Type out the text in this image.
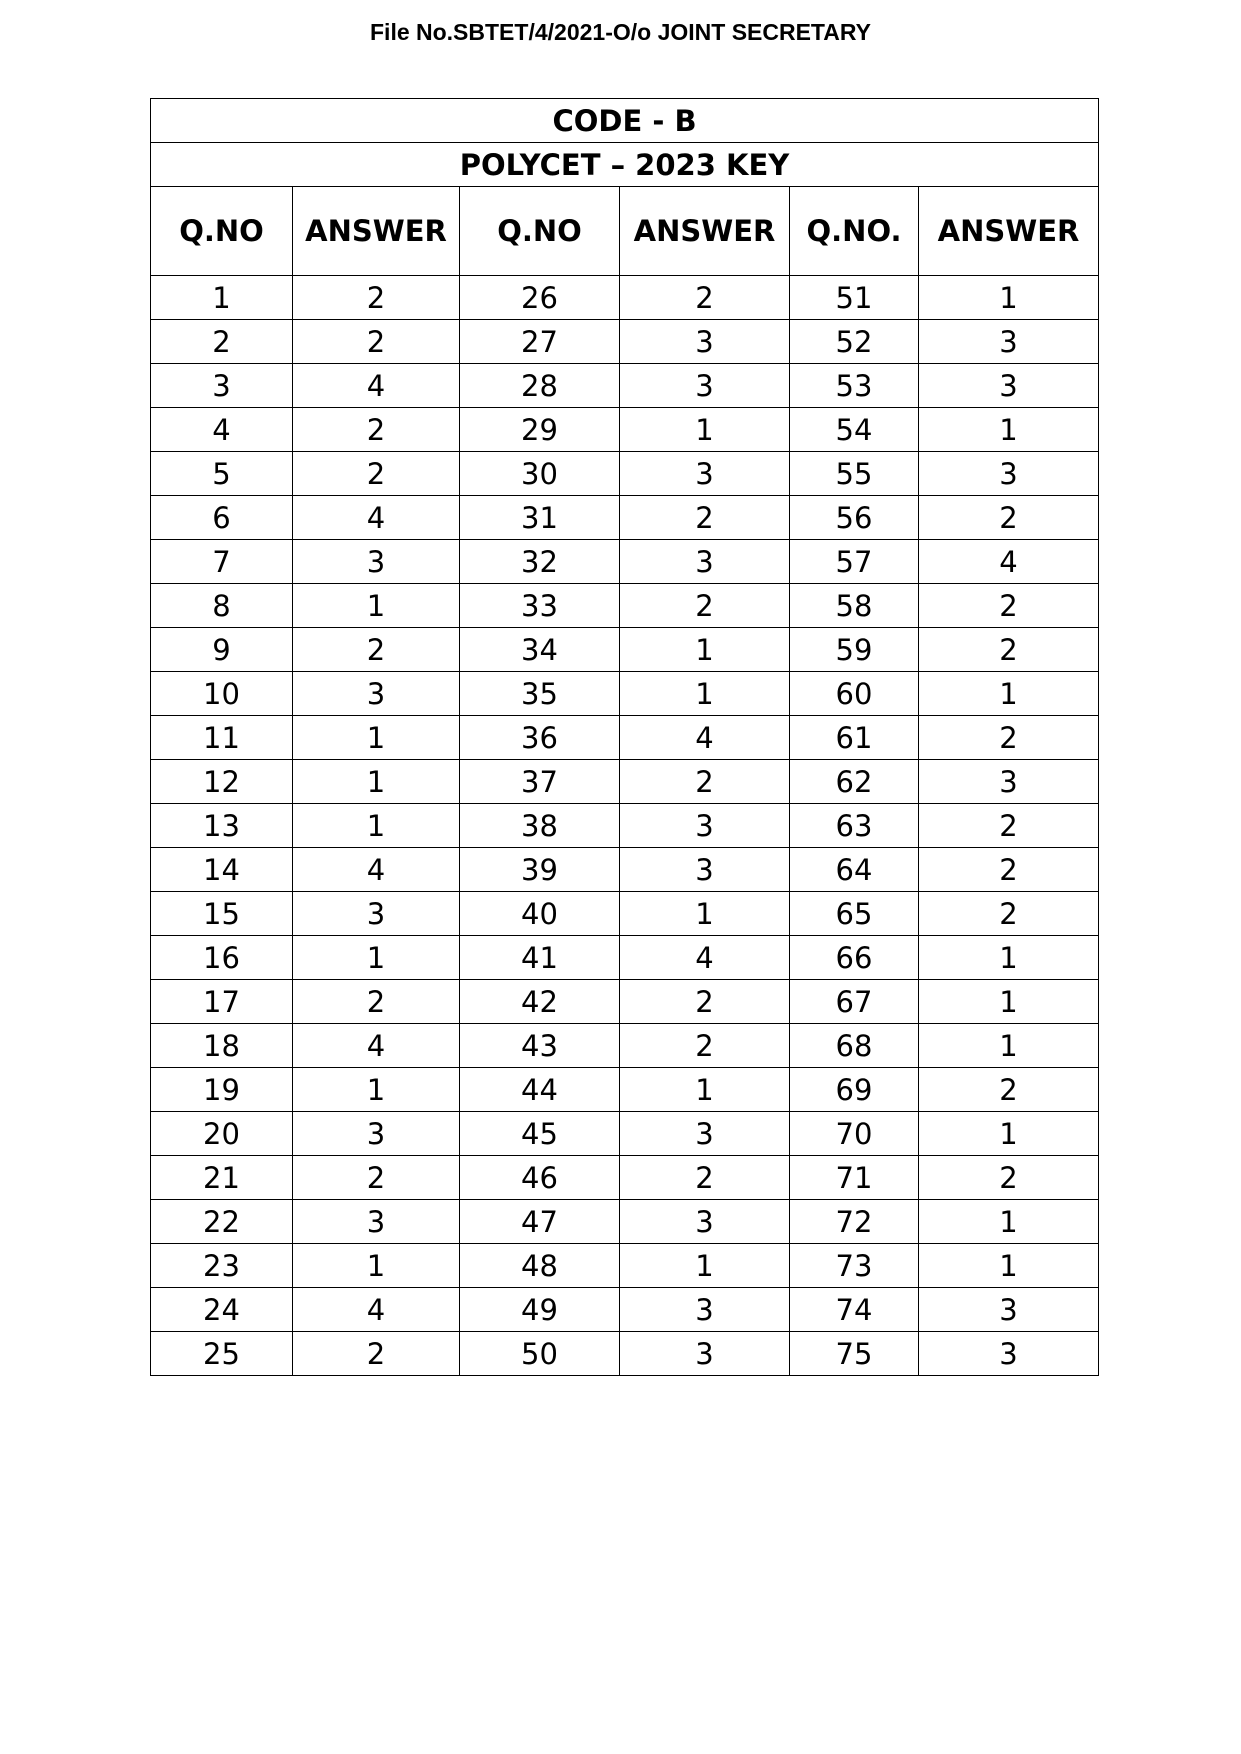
File No.SBTET/4/2021-O/o JOINT SECRETARY
CODE - B					
POLYCET – 2023 KEY					
Q.NO	ANSWER	Q.NO	ANSWER	Q.NO.	ANSWER
1	2	26	2	51	1
2	2	27	3	52	3
3	4	28	3	53	3
4	2	29	1	54	1
5	2	30	3	55	3
6	4	31	2	56	2
7	3	32	3	57	4
8	1	33	2	58	2
9	2	34	1	59	2
10	3	35	1	60	1
11	1	36	4	61	2
12	1	37	2	62	3
13	1	38	3	63	2
14	4	39	3	64	2
15	3	40	1	65	2
16	1	41	4	66	1
17	2	42	2	67	1
18	4	43	2	68	1
19	1	44	1	69	2
20	3	45	3	70	1
21	2	46	2	71	2
22	3	47	3	72	1
23	1	48	1	73	1
24	4	49	3	74	3
25	2	50	3	75	3
